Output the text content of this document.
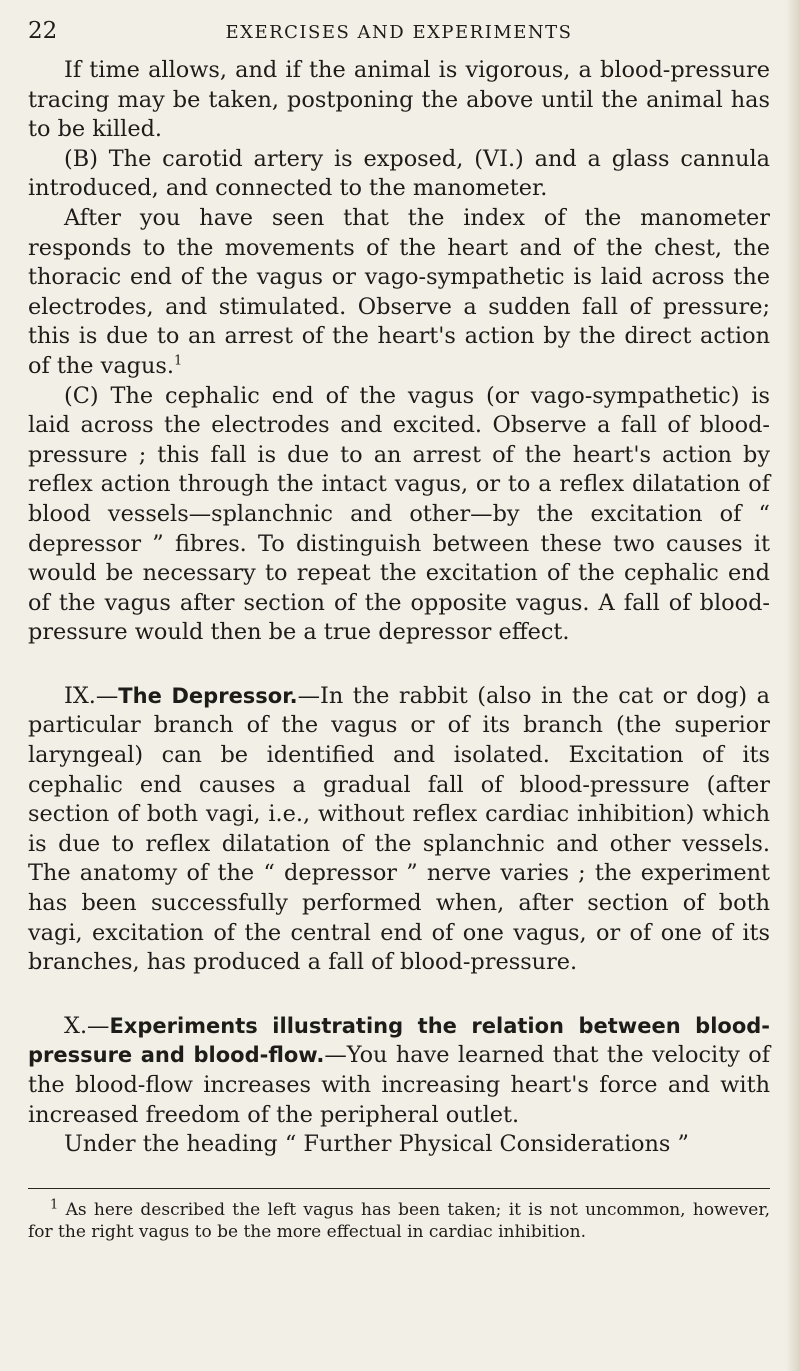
22	EXERCISES AND EXPERIMENTS

If time allows, and if the animal is vigorous, a blood-pressure tracing may be taken, postponing the above until the animal has to be killed.

(B) The carotid artery is exposed, (VI.) and a glass cannula introduced, and connected to the manometer.

After you have seen that the index of the manometer responds to the movements of the heart and of the chest, the thoracic end of the vagus or vago-sympathetic is laid across the electrodes, and stimulated. Observe a sudden fall of pressure; this is due to an arrest of the heart's action by the direct action of the vagus.$^1$

(C) The cephalic end of the vagus (or vago-sympathetic) is laid across the electrodes and excited. Observe a fall of blood-pressure ; this fall is due to an arrest of the heart's action by reflex action through the intact vagus, or to a reflex dilatation of blood vessels—splanchnic and other—by the excitation of “ depressor ” fibres. To distinguish between these two causes it would be necessary to repeat the excitation of the cephalic end of the vagus after section of the opposite vagus. A fall of blood-pressure would then be a true depressor effect.

IX.—The Depressor.—In the rabbit (also in the cat or dog) a particular branch of the vagus or of its branch (the superior laryngeal) can be identified and isolated. Excitation of its cephalic end causes a gradual fall of blood-pressure (after section of both vagi, i.e., without reflex cardiac inhibition) which is due to reflex dilatation of the splanchnic and other vessels. The anatomy of the “ depressor ” nerve varies ; the experiment has been successfully performed when, after section of both vagi, excitation of the central end of one vagus, or of one of its branches, has produced a fall of blood-pressure.

X.—Experiments illustrating the relation between blood-pressure and blood-flow.—You have learned that the velocity of the blood-flow increases with increasing heart's force and with increased freedom of the peripheral outlet.

Under the heading “ Further Physical Considerations ”

$^1$ As here described the left vagus has been taken; it is not uncommon, however, for the right vagus to be the more effectual in cardiac inhibition.
